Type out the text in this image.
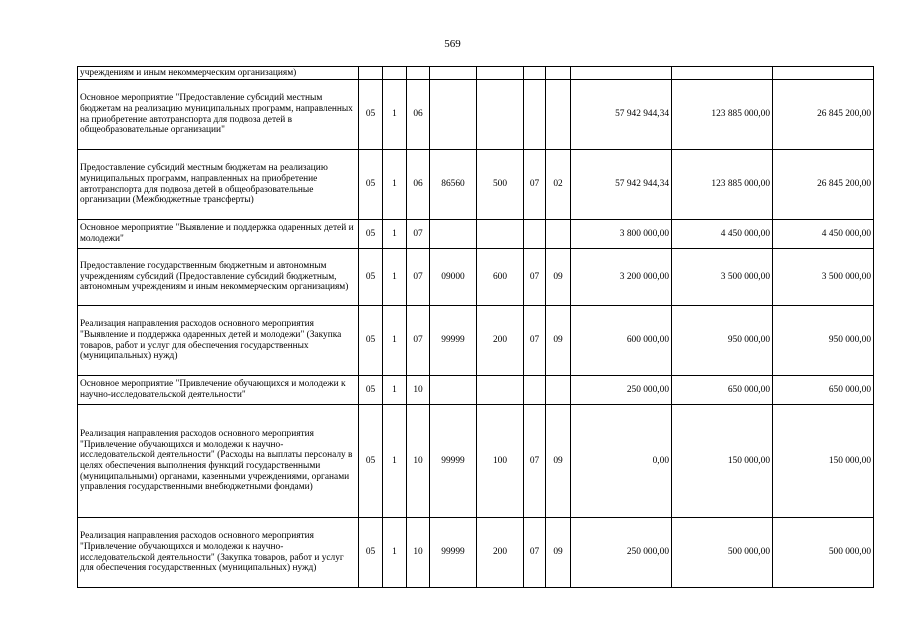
569
учреждениям и иным некоммерческим организациям)										
Основное мероприятие "Предоставление субсидий местным бюджетам на реализацию муниципальных программ, направленных на приобретение автотранспорта для подвоза детей в общеобразовательные организации"	05	1	06					57 942 944,34	123 885 000,00	26 845 200,00
Предоставление субсидий местным бюджетам на реализацию муниципальных программ, направленных на приобретение автотранспорта для подвоза детей в общеобразовательные организации (Межбюджетные трансферты)	05	1	06	86560	500	07	02	57 942 944,34	123 885 000,00	26 845 200,00
Основное мероприятие "Выявление и поддержка одаренных детей и молодежи"	05	1	07					3 800 000,00	4 450 000,00	4 450 000,00
Предоставление государственным бюджетным и автономным учреждениям субсидий (Предоставление субсидий бюджетным, автономным учреждениям и иным некоммерческим организациям)	05	1	07	09000	600	07	09	3 200 000,00	3 500 000,00	3 500 000,00
Реализация направления расходов основного мероприятия "Выявление и поддержка одаренных детей и молодежи" (Закупка товаров, работ и услуг для обеспечения государственных (муниципальных) нужд)	05	1	07	99999	200	07	09	600 000,00	950 000,00	950 000,00
Основное мероприятие "Привлечение обучающихся и молодежи к научно-исследовательской деятельности"	05	1	10					250 000,00	650 000,00	650 000,00
Реализация направления расходов основного мероприятия "Привлечение обучающихся и молодежи к научно-исследовательской деятельности" (Расходы на выплаты персоналу в целях обеспечения выполнения функций государственными (муниципальными) органами, казенными учреждениями, органами управления государственными внебюджетными фондами)	05	1	10	99999	100	07	09	0,00	150 000,00	150 000,00
Реализация направления расходов основного мероприятия "Привлечение обучающихся и молодежи к научно-исследовательской деятельности" (Закупка товаров, работ и услуг для обеспечения государственных (муниципальных) нужд)	05	1	10	99999	200	07	09	250 000,00	500 000,00	500 000,00
